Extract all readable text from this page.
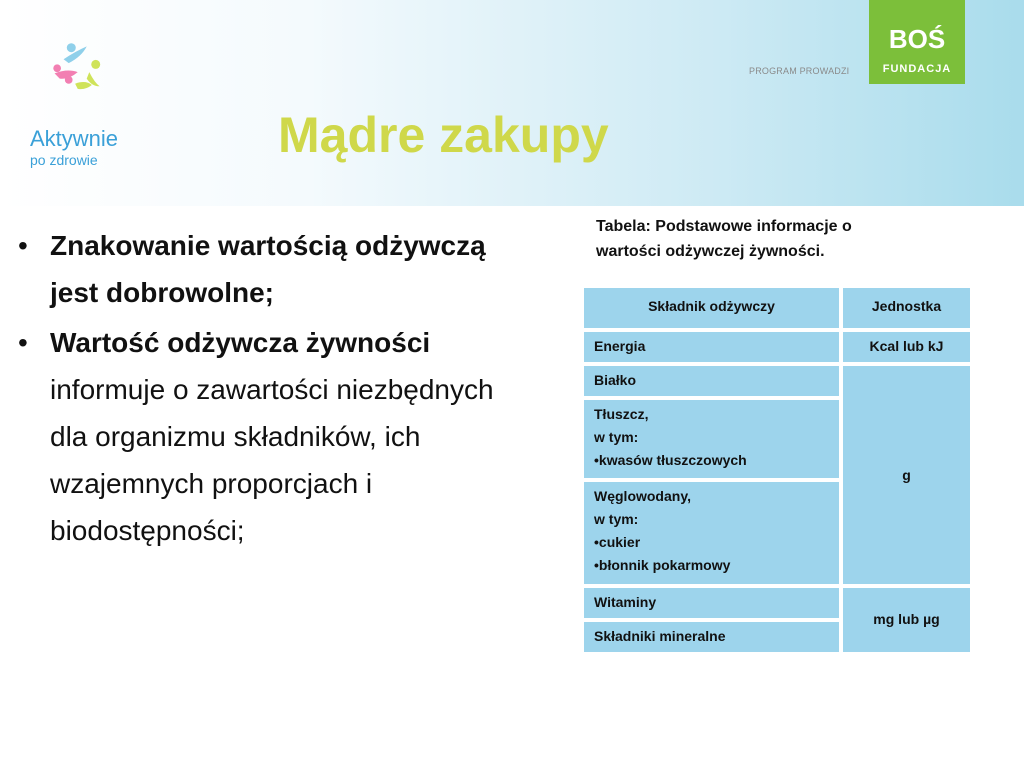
Aktywnie
po zdrowie
PROGRAM PROWADZI
BOŚ
FUNDACJA
Mądre zakupy
• Znakowanie wartością odżywczą jest dobrowolne;
• Wartość odżywcza żywności informuje o zawartości niezbędnych dla organizmu składników, ich wzajemnych proporcjach i biodostępności;
Tabela: Podstawowe informacje o
wartości odżywczej żywności.
Składnik odżywczy	Jednostka
Energia	Kcal lub kJ
Białko
Tłuszcz,
w tym:
•kwasów tłuszczowych
Węglowodany,
w tym:
•cukier
•błonnik pokarmowy
g
Witaminy
Składniki mineralne
mg lub µg
